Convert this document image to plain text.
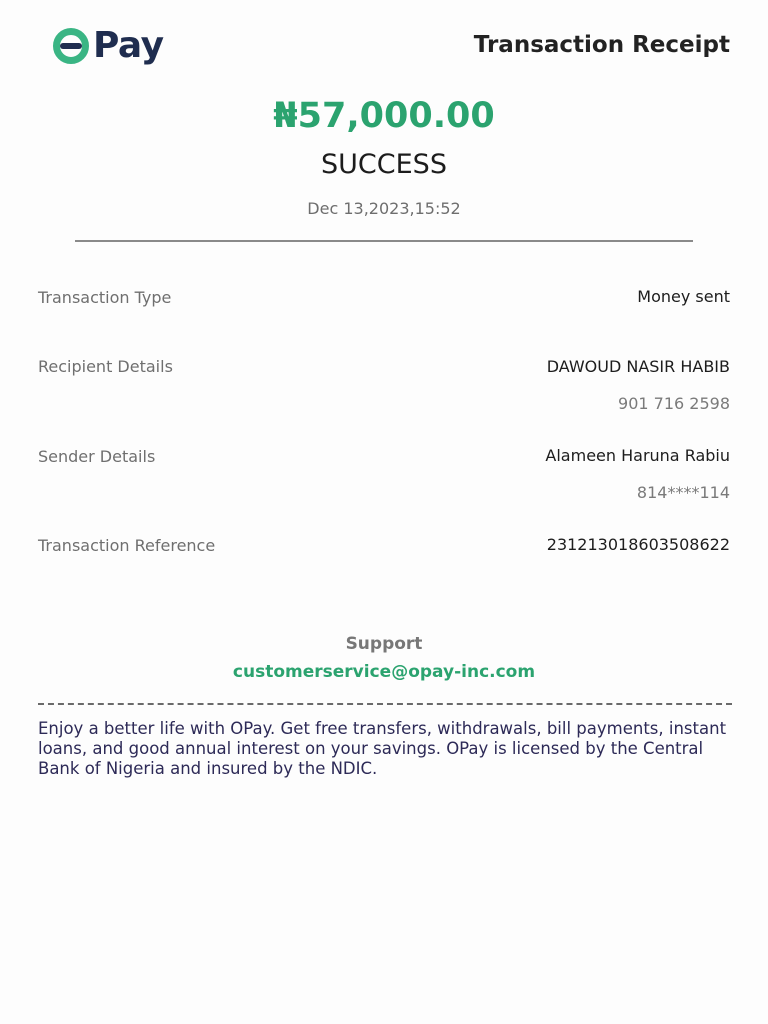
Pay	Transaction Receipt
₦57,000.00
SUCCESS
Dec 13,2023,15:52
Transaction Type	Money sent
Recipient Details	DAWOUD NASIR HABIB
901 716 2598
Sender Details	Alameen Haruna Rabiu
814****114
Transaction Reference	231213018603508622
Support
customerservice@opay-inc.com
Enjoy a better life with OPay. Get free transfers, withdrawals, bill payments, instant loans, and good annual interest on your savings. OPay is licensed by the Central Bank of Nigeria and insured by the NDIC.
